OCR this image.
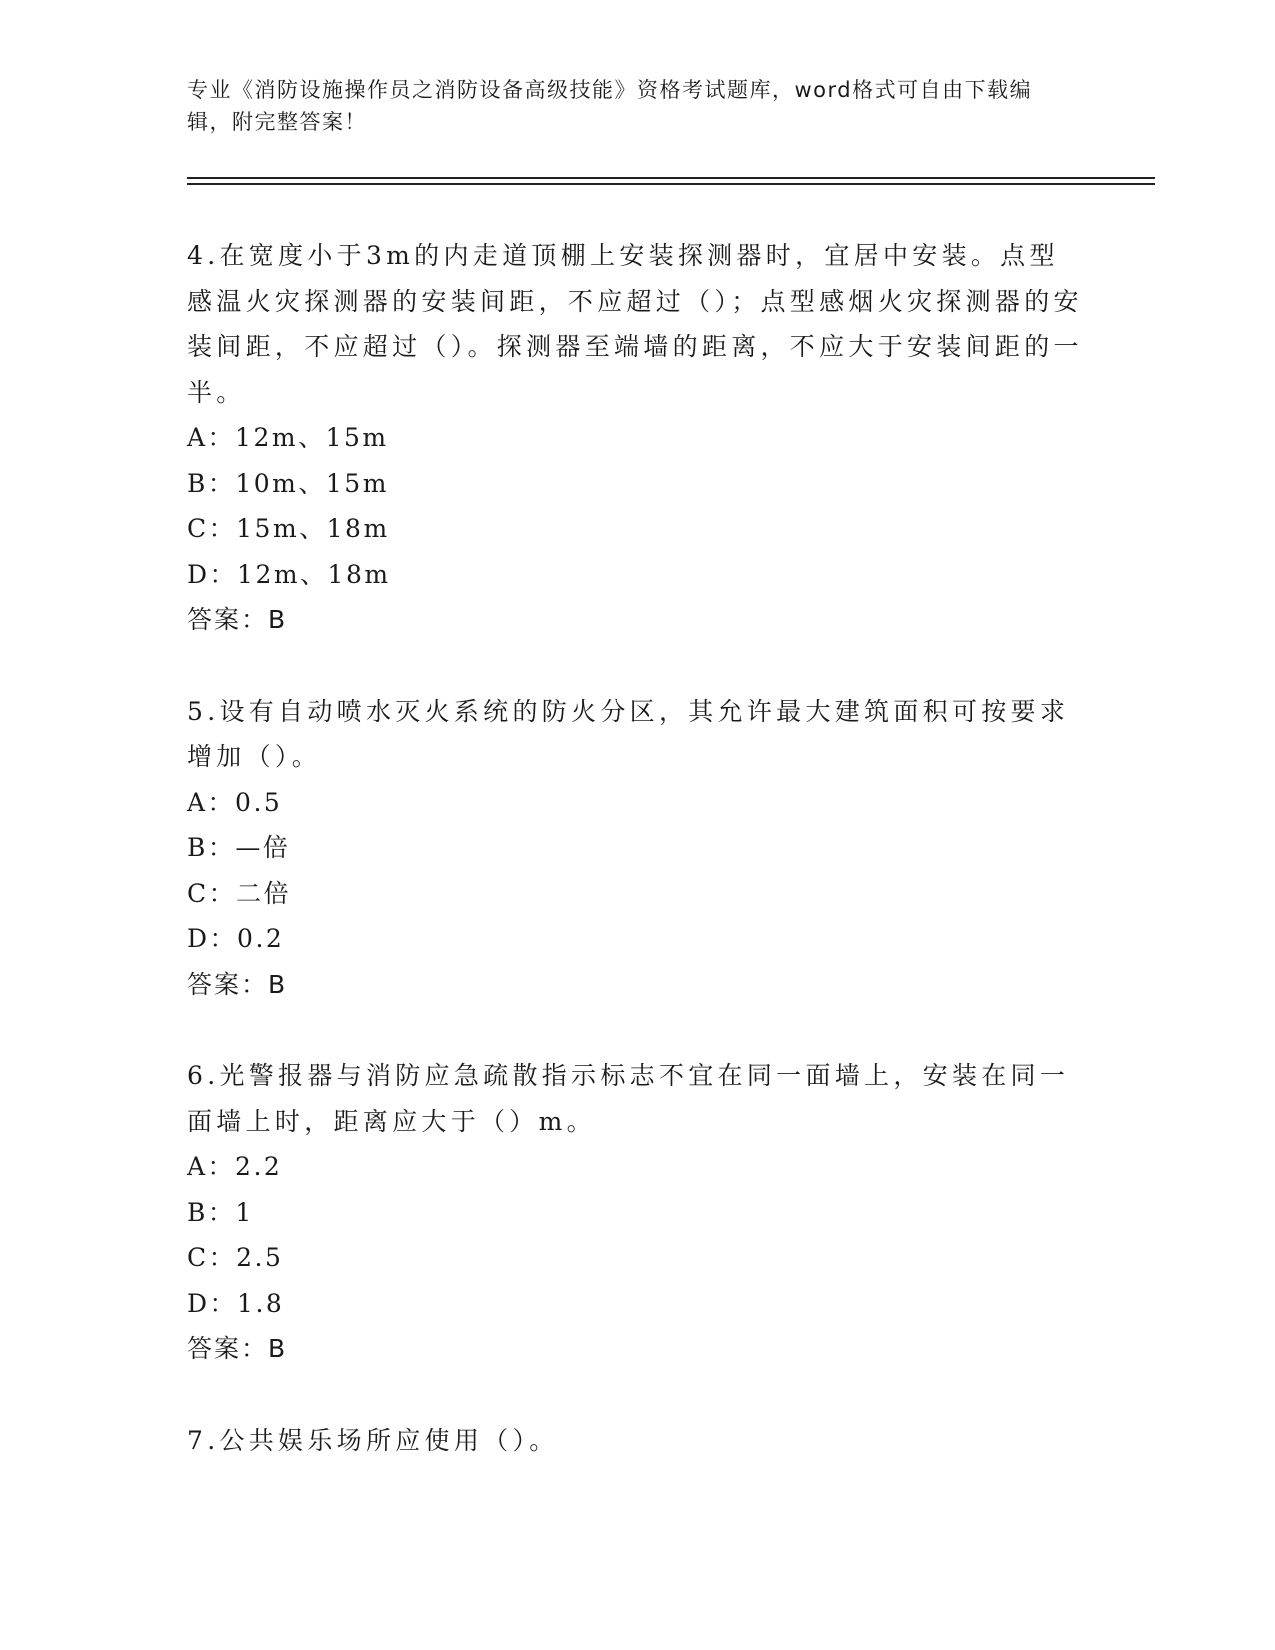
专业《消防设施操作员之消防设备高级技能》资格考试题库，word格式可自由下载编辑，附完整答案！

4.在宽度小于3m的内走道顶棚上安装探测器时，宜居中安装。点型感温火灾探测器的安装间距，不应超过（）；点型感烟火灾探测器的安装间距，不应超过（）。探测器至端墙的距离，不应大于安装间距的一半。

A：12m、15m
B：10m、15m
C：15m、18m
D：12m、18m
答案：B

5.设有自动喷水灭火系统的防火分区，其允许最大建筑面积可按要求增加（）。

A：0.5
B：—倍
C：二倍
D：0.2
答案：B

6.光警报器与消防应急疏散指示标志不宜在同一面墙上，安装在同一面墙上时，距离应大于（）m。

A：2.2
B：1
C：2.5
D：1.8
答案：B

7.公共娱乐场所应使用（）。
